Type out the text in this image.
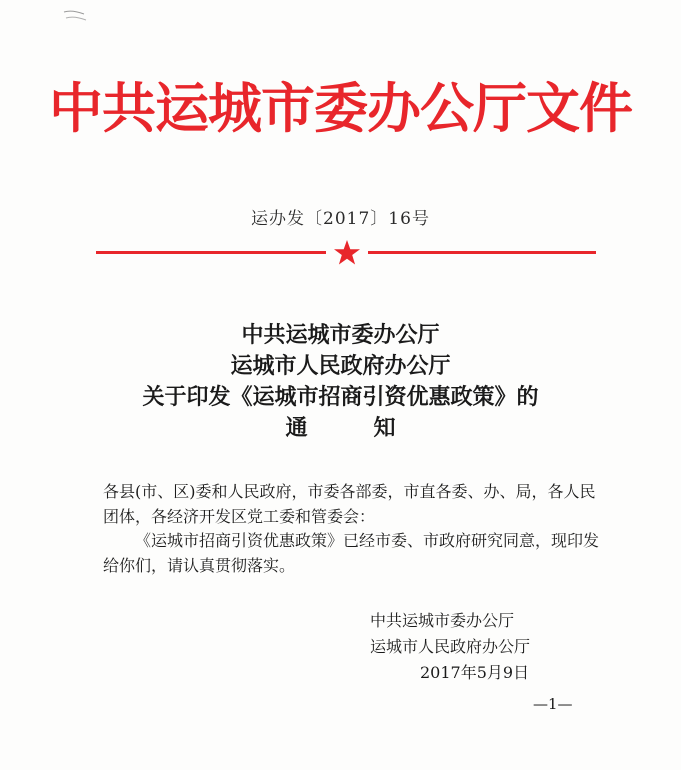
中共运城市委办公厅文件
运办发〔2017〕16号
中共运城市委办公厅
运城市人民政府办公厅
关于印发《运城市招商引资优惠政策》的
通知

各县(市、区)委和人民政府，市委各部委，市直各委、办、局，各人民团体，各经济开发区党工委和管委会：

《运城市招商引资优惠政策》已经市委、市政府研究同意，现印发给你们，请认真贯彻落实。

中共运城市委办公厅
运城市人民政府办公厅
2017年5月9日
—1—
